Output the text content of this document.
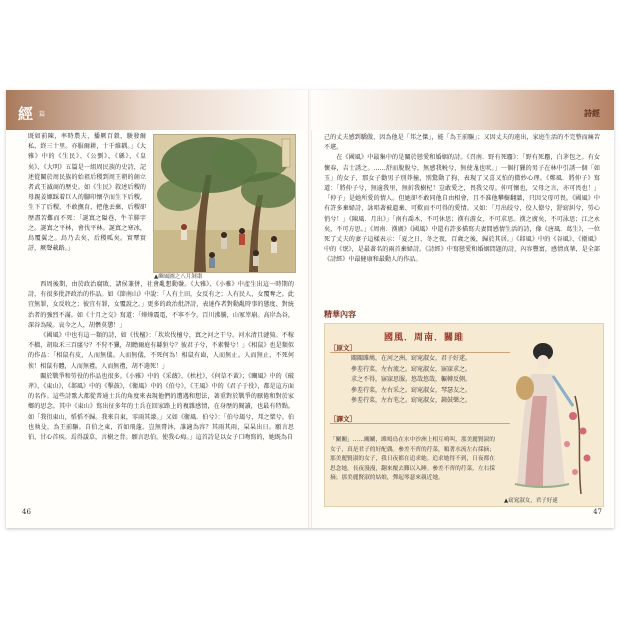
經 篇

既如前陳，率時農夫，播厥百穀，駿發爾私，終三十里。亦服爾耕，十千維耦。」《大雅》中的《生民》、《公劉》、《緜》、《皇矣》、《大明》五篇是一組周民族的史詩，記述從關於周民族的始祖后稷到周王朝的創立者武王滅商的歷史。如《生民》敘述后稷的母親姜嫄踩着巨人的腳印懷孕而生下后稷，生下了后稷，不敢撫育，把他丟棄，后稷卻歷盡苦難而不死：「誕寘之隘巷，牛羊腓字之。誕寘之平林，會伐平林。誕寘之寒冰，鳥覆翼之。鳥乃去矣，后稷呱矣。實覃實訏，厥聲載路。」

▲豳風圖之八月剝棗

西周後期，由於政治腐敗，諸侯兼併，社會亂想動盪。《大雅》、《小雅》中產生出這一時期的詩，有很多批評政治的作品。如《節南山》中說：「人有土田，女反有之；人有民人，女覆奪之。此宜無罪，女反收之；彼宜有罪，女覆說之。」更多的政治批評詩，表達作者對動亂時事的態度、對統治者的強烈不滿。如《十月之交》寫道：「燁燁震電，不寧不令。百川沸騰，山冢崒崩。高岸為谷，深谷為陵。哀今之人，胡憯莫懲！」

《國風》中也有這一類的詩，如《伐檀》：「坎坎伐檀兮，寘之河之干兮。河水清且漣猗。不稼不穡，胡取禾三百廛兮？不狩不獵，胡瞻爾庭有縣貆兮？彼君子兮，不素餐兮！」《相鼠》也是類似的作品：「相鼠有皮，人而無儀。人而無儀，不死何為！相鼠有齒，人而無止。人而無止，不死何俟！相鼠有體，人而無禮。人而無禮，胡不遄死！」

關於戰爭和勞役的作品也很多。《小雅》中的《采薇》、《杕杜》、《何草不黃》；《豳風》中的《破斧》、《東山》，《邶風》中的《擊鼓》，《衛風》中的《伯兮》，《王風》中的《君子于役》，都是這方面的名作。這些詩歌大都從普通士兵的角度來表現他們的遭遇和想法，著重對於戰爭的厭倦和對於家鄉的思念。其中《東山》寫出征多年的士兵在回家路上的複雜感情，在身歷的閱讀，也最有特點。如「我徂東山，慆慆不歸。我來自東，零雨其濛。」又如《衛風．伯兮》：「伯兮朅兮，邦之桀兮。伯也執殳，為王前驅。自伯之東，首如飛蓬。豈無膏沐，誰適為容？其雨其雨，杲杲出日。願言思伯，甘心首疾。焉得諼草，言樹之背。願言思伯，使我心痗。」這首詩是以女子口吻寫的，她既為自

46
詩經

己的丈夫感到驕傲，因為他是「邦之傑」，能「為王前驅」；又因丈夫的遠出，家庭生活的不完整而痛苦不堪。

在《國風》中最集中的是關於戀愛和婚姻的詩。《召南．野有死麕》：「野有死麕，白茅包之。有女懷春，吉士誘之。……舒而脫脫兮，無感我帨兮，無使尨也吠。」一個打獵的男子在林中引誘一個「如玉」的女子，那女子勸男子別莽撞，別驚動了狗，表現了又喜又怕的微妙心理。《鄭風．將仲子》寫道：「將仲子兮，無逾我里，無折我樹杞！豈敢愛之，畏我父母。仲可懷也，父母之言，亦可畏也！」「仲子」是她所愛的情人。但她卻不敢同他自由相會，且不准他攀樹翻牆，只因父母可畏。《國風》中有許多棄婦詩，詠唱著被遺棄、可歎而不可得的愛情。又如：「月出皎兮，佼人僚兮，舒窈糾兮，勞心悄兮！」《陳風．月出》」「南有喬木，不可休思；漢有游女，不可求思。漢之廣矣，不可泳思；江之永矣，不可方思。」《周南．漢廣》《國風》中還有許多描寫夫妻間感情生活的詩，像《唐風．葛生》，一位死了丈夫的妻子這樣表示：「夏之日，冬之夜，百歲之後，歸於其居。」《邶風》中的《谷風》、《衛風》中的《氓》，是最著名的兩首棄婦詩。《詩經》中寫戀愛和婚姻問題的詩，內容豐富，感情真摯，是全部《詩經》中最健康和最動人的作品。

精華內容
國風．周南．關雎
［原文］
關關雎鳩，在河之洲。窈窕淑女，君子好逑。
參差荇菜，左右流之。窈窕淑女，寤寐求之。
求之不得，寤寐思服。悠哉悠哉，輾轉反側。
參差荇菜，左右采之。窈窕淑女，琴瑟友之。
參差荇菜，左右芼之。窈窕淑女，鐘鼓樂之。
［譯文］
「關關」……關關，雎鳩鳥在水中沙洲上相互鳴叫，那美麗賢淑的女子，真是君子的好配偶。參差不齊的荇菜，順著水流左右採摘；那美麗賢淑的女子，我日夜都在追求她。追求她得不到，日夜都在思念她，長夜漫漫，翻來覆去難以入睡。參差不齊的荇菜，左右採摘；那美麗賢淑的姑娘，彈起琴瑟來親近她。
▲窈窕淑女，君子好逑
47
